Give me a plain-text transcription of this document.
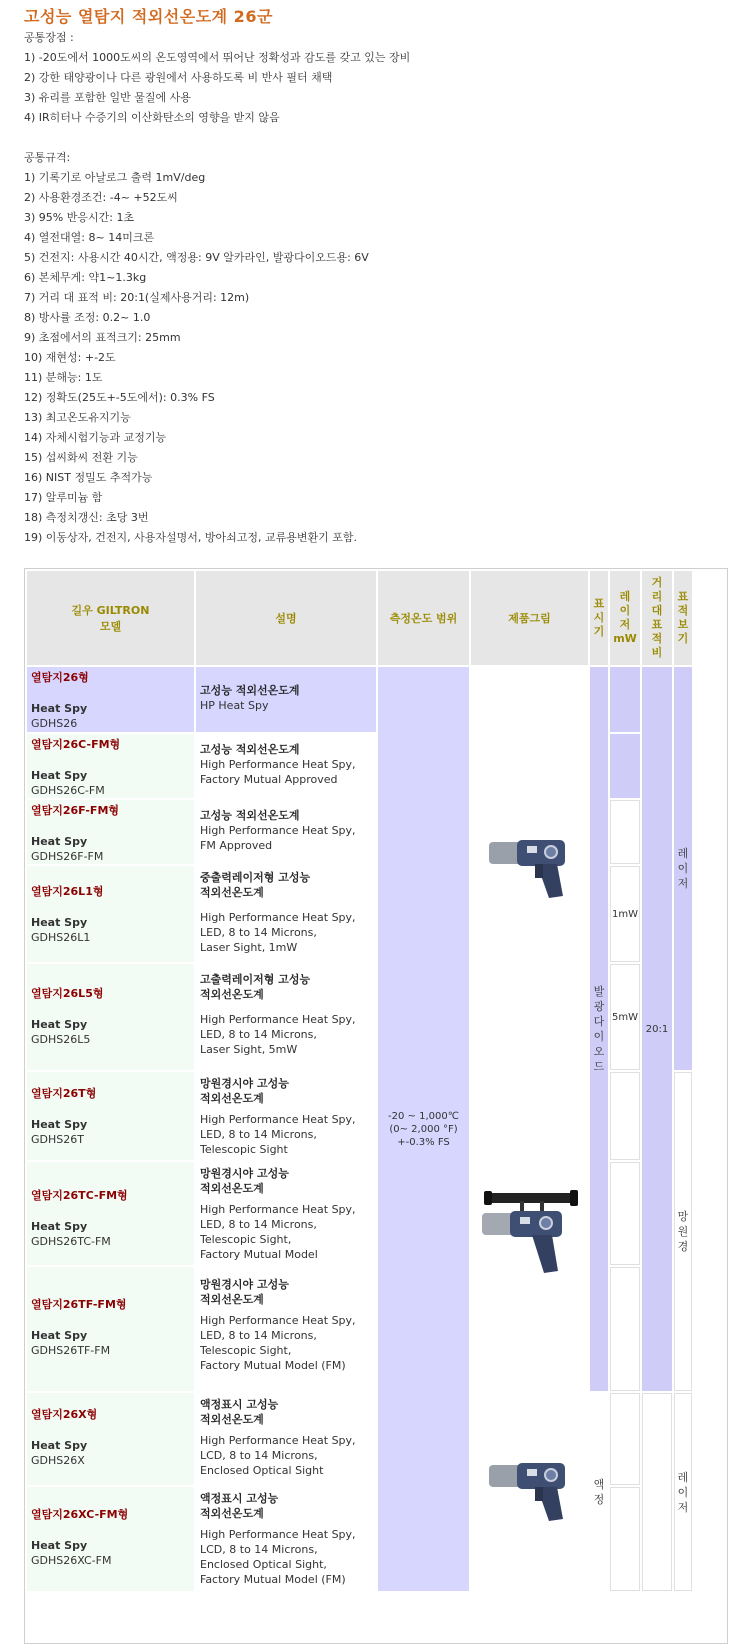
고성능 열탐지 적외선온도계 26군
공통장점 :
1) -20도에서 1000도씨의 온도영역에서 뛰어난 정확성과 감도를 갖고 있는 장비
2) 강한 태양광이나 다른 광원에서 사용하도록 비 반사 필터 채택
3) 유리를 포함한 일반 물질에 사용
4) IR히터나 수증기의 이산화탄소의 영향을 받지 않음
공통규격:
1) 기록기로 아날로그 출력 1mV/deg
2) 사용환경조건: -4~ +52도씨
3) 95% 반응시간: 1초
4) 열전대열: 8~ 14미크론
5) 건전지: 사용시간 40시간, 액정용: 9V 알카라인, 발광다이오드용: 6V
6) 본체무게: 약1~1.3kg
7) 거리 대 표적 비: 20:1(실제사용거리: 12m)
8) 방사률 조정: 0.2~ 1.0
9) 초점에서의 표적크기: 25mm
10) 재현성: +-2도
11) 분해능: 1도
12) 정확도(25도+-5도에서): 0.3% FS
13) 최고온도유지기능
14) 자체시험기능과 교정기능
15) 섭씨화씨 전환 기능
16) NIST 정밀도 추적가능
17) 알루미늄 함
18) 측정치갱신: 초당 3번
19) 이동상자, 건전지, 사용자설명서, 방아쇠고정, 교류용변환기 포함.
길우 GILTRON
모델
설명	측정온도 범위	제품그림
표
시
기
레
이
저
mW
거
리
대
표
적
비
표
적
보
기
열탐지26형
Heat Spy
GDHS26
열탐지26C-FM형
Heat Spy
GDHS26C-FM
열탐지26F-FM형
Heat Spy
GDHS26F-FM
열탐지26L1형
Heat Spy
GDHS26L1
열탐지26L5형
Heat Spy
GDHS26L5
열탐지26T형
Heat Spy
GDHS26T
열탐지26TC-FM형
Heat Spy
GDHS26TC-FM
열탐지26TF-FM형
Heat Spy
GDHS26TF-FM
열탐지26X형
Heat Spy
GDHS26X
열탐지26XC-FM형
Heat Spy
GDHS26XC-FM
고성능 적외선온도계
HP Heat Spy
고성능 적외선온도계
High Performance Heat Spy,
Factory Mutual Approved
고성능 적외선온도계
High Performance Heat Spy,
FM Approved
중출력레이저형 고성능
적외선온도계
High Performance Heat Spy,
LED, 8 to 14 Microns,
Laser Sight, 1mW
고출력레이저형 고성능
적외선온도계
High Performance Heat Spy,
LED, 8 to 14 Microns,
Laser Sight, 5mW
망원경시야 고성능
적외선온도계
High Performance Heat Spy,
LED, 8 to 14 Microns,
Telescopic Sight
망원경시야 고성능
적외선온도계
High Performance Heat Spy,
LED, 8 to 14 Microns,
Telescopic Sight,
Factory Mutual Model
망원경시야 고성능
적외선온도계
High Performance Heat Spy,
LED, 8 to 14 Microns,
Telescopic Sight,
Factory Mutual Model (FM)
액정표시 고성능
적외선온도계
High Performance Heat Spy,
LCD, 8 to 14 Microns,
Enclosed Optical Sight
액정표시 고성능
적외선온도계
High Performance Heat Spy,
LCD, 8 to 14 Microns,
Enclosed Optical Sight,
Factory Mutual Model (FM)
-20 ~ 1,000℃
(0~ 2,000 °F)
+-0.3% FS
발
광
다
이
오
드
액
정
1mW
5mW
20:1
레
이
저
망
원
경
레
이
저
